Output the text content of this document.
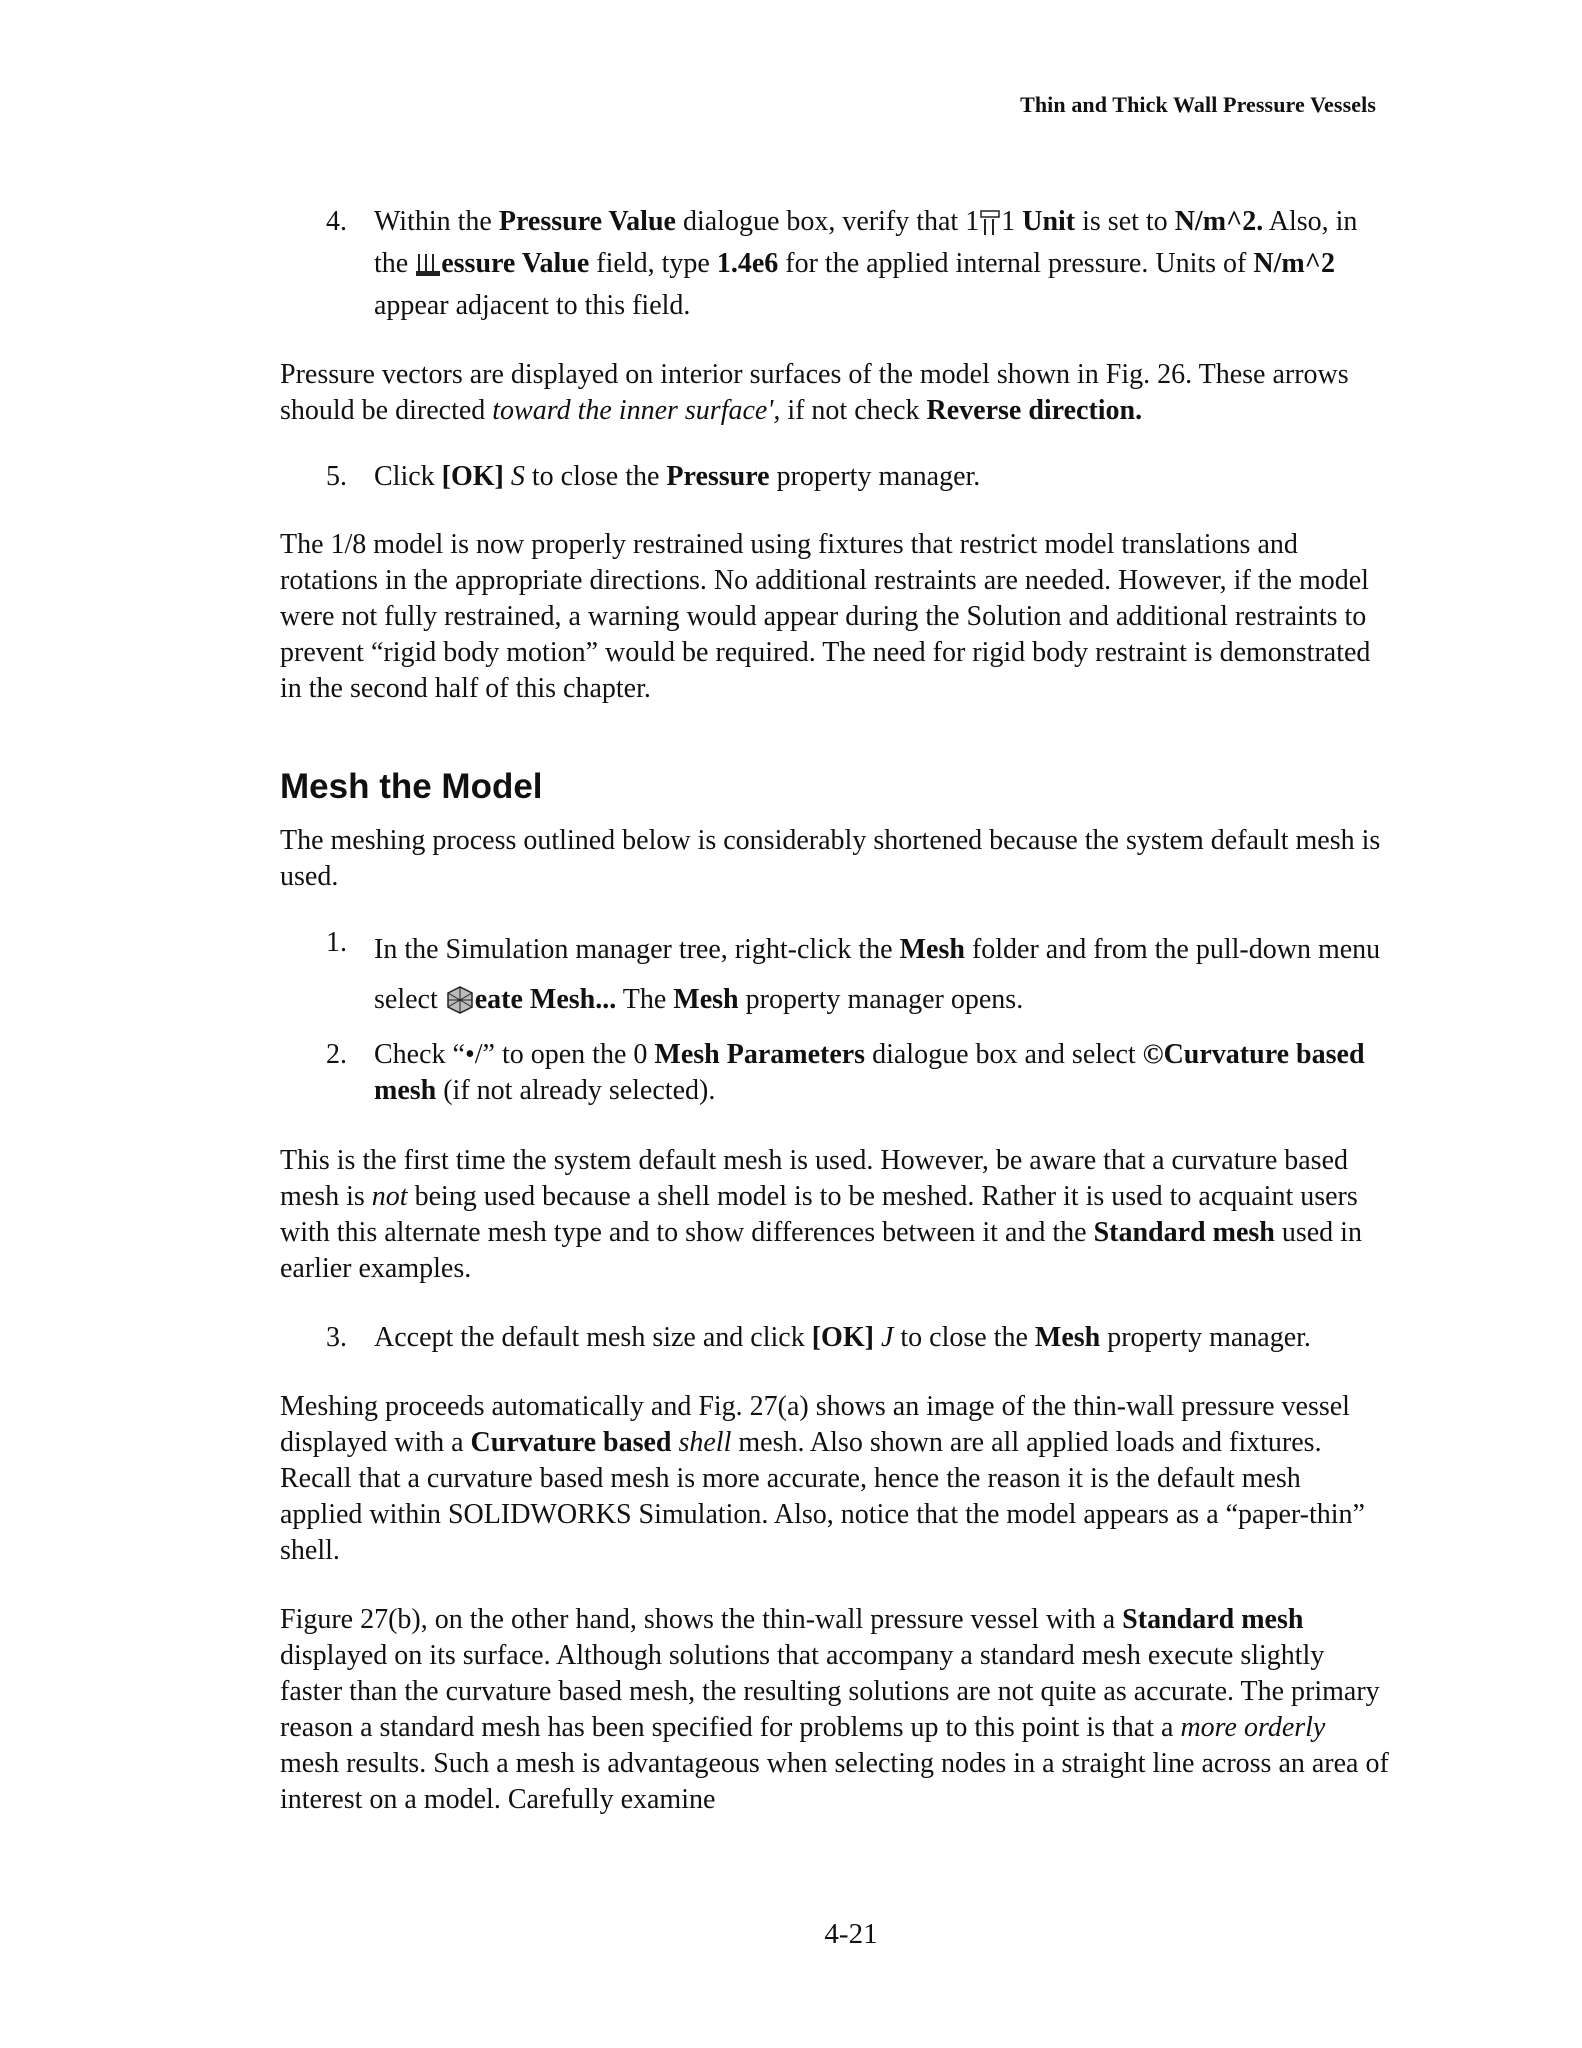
Thin and Thick Wall Pressure Vessels
4. Within the Pressure Value dialogue box, verify that 1 1 Unit is set to N/m^2. Also, in the essure Value field, type 1.4e6 for the applied internal pressure. Units of N/m^2 appear adjacent to this field.

Pressure vectors are displayed on interior surfaces of the model shown in Fig. 26. These arrows should be directed toward the inner surface', if not check Reverse direction.

5. Click [OK] S to close the Pressure property manager.

The 1/8 model is now properly restrained using fixtures that restrict model translations and rotations in the appropriate directions. No additional restraints are needed. However, if the model were not fully restrained, a warning would appear during the Solution and additional restraints to prevent “rigid body motion” would be required. The need for rigid body restraint is demonstrated in the second half of this chapter.

Mesh the Model

The meshing process outlined below is considerably shortened because the system default mesh is used.

1. In the Simulation manager tree, right-click the Mesh folder and from the pull-down menu select eate Mesh... The Mesh property manager opens.
2. Check “•/” to open the 0 Mesh Parameters dialogue box and select ©Curvature based mesh (if not already selected).

This is the first time the system default mesh is used. However, be aware that a curvature based mesh is not being used because a shell model is to be meshed. Rather it is used to acquaint users with this alternate mesh type and to show differences between it and the Standard mesh used in earlier examples.

3. Accept the default mesh size and click [OK] J to close the Mesh property manager.

Meshing proceeds automatically and Fig. 27(a) shows an image of the thin-wall pressure vessel displayed with a Curvature based shell mesh. Also shown are all applied loads and fixtures. Recall that a curvature based mesh is more accurate, hence the reason it is the default mesh applied within SOLIDWORKS Simulation. Also, notice that the model appears as a “paper-thin” shell.

Figure 27(b), on the other hand, shows the thin-wall pressure vessel with a Standard mesh displayed on its surface. Although solutions that accompany a standard mesh execute slightly faster than the curvature based mesh, the resulting solutions are not quite as accurate. The primary reason a standard mesh has been specified for problems up to this point is that a more orderly mesh results. Such a mesh is advantageous when selecting nodes in a straight line across an area of interest on a model. Carefully examine

4-21
